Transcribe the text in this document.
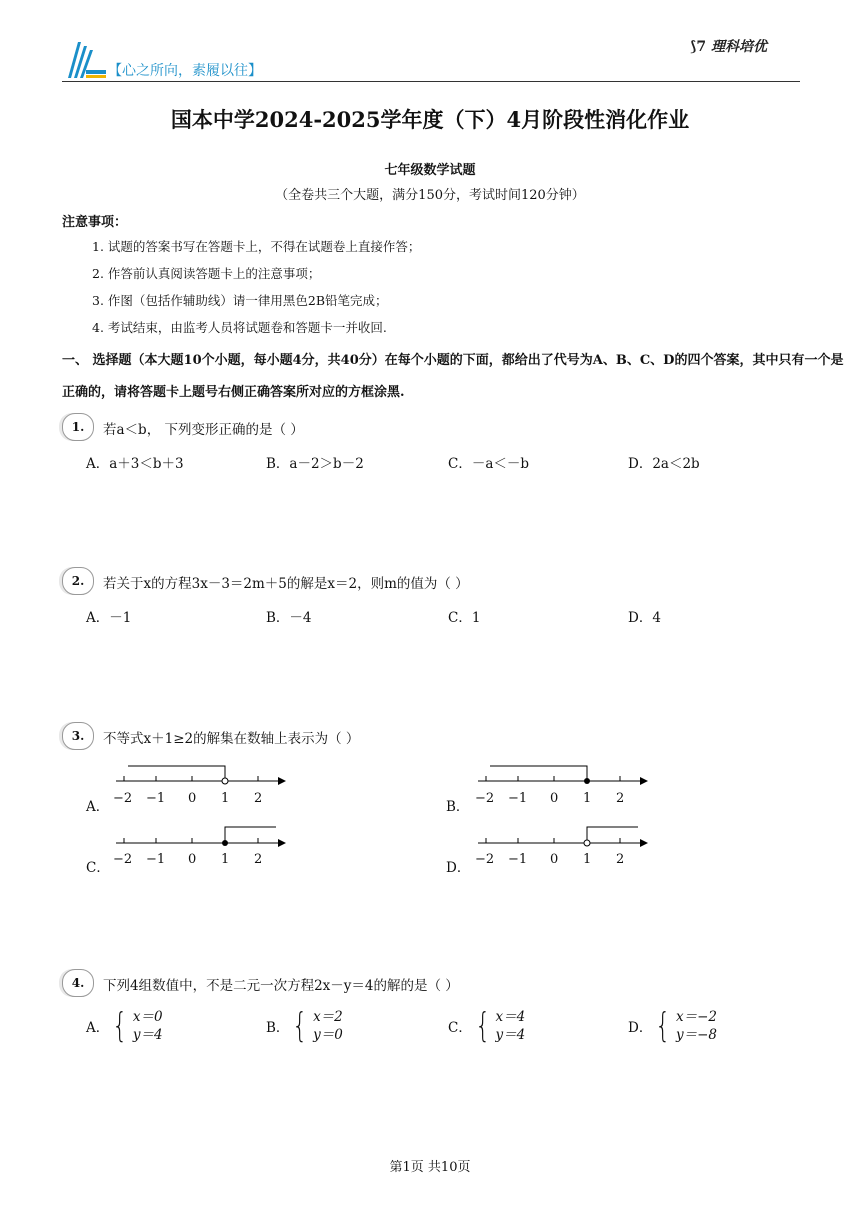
【心之所向，素履以往】
⟆7 理科培优
国本中学2024-2025学年度（下）4月阶段性消化作业
七年级数学试题
（全卷共三个大题，满分150分，考试时间120分钟）
注意事项：
1. 试题的答案书写在答题卡上，不得在试题卷上直接作答；
2. 作答前认真阅读答题卡上的注意事项；
3. 作图（包括作辅助线）请一律用黑色2B铅笔完成；
4. 考试结束，由监考人员将试题卷和答题卡一并收回.
一、 选择题（本大题10个小题，每小题4分，共40分）在每个小题的下面，都给出了代号为A、B、C、D的四个答案，其中只有一个是正确的，请将答题卡上题号右侧正确答案所对应的方框涂黑.
1.	若a＜b， 下列变形正确的是（ ）
A．a＋3＜b＋3	B．a－2＞b－2	C．－a＜－b	D．2a＜2b
2.	若关于x的方程3x－3＝2m＋5的解是x＝2，则m的值为（ ）
A．－1	B．－4	C．1	D．4
3.	不等式x＋1≥2的解集在数轴上表示为（ ）
A．	B．
C．	D．
−2 −1 0 1 2	−2 −1 0 1 2
−2 −1 0 1 2	−2 −1 0 1 2
4.	下列4组数值中，不是二元一次方程2x－y＝4的解的是（ ）
A． { x＝0
y＝4	B． { x＝2
y＝0	C． { x＝4
y＝4	D． { x＝−2
y＝−8
第1页 共10页
